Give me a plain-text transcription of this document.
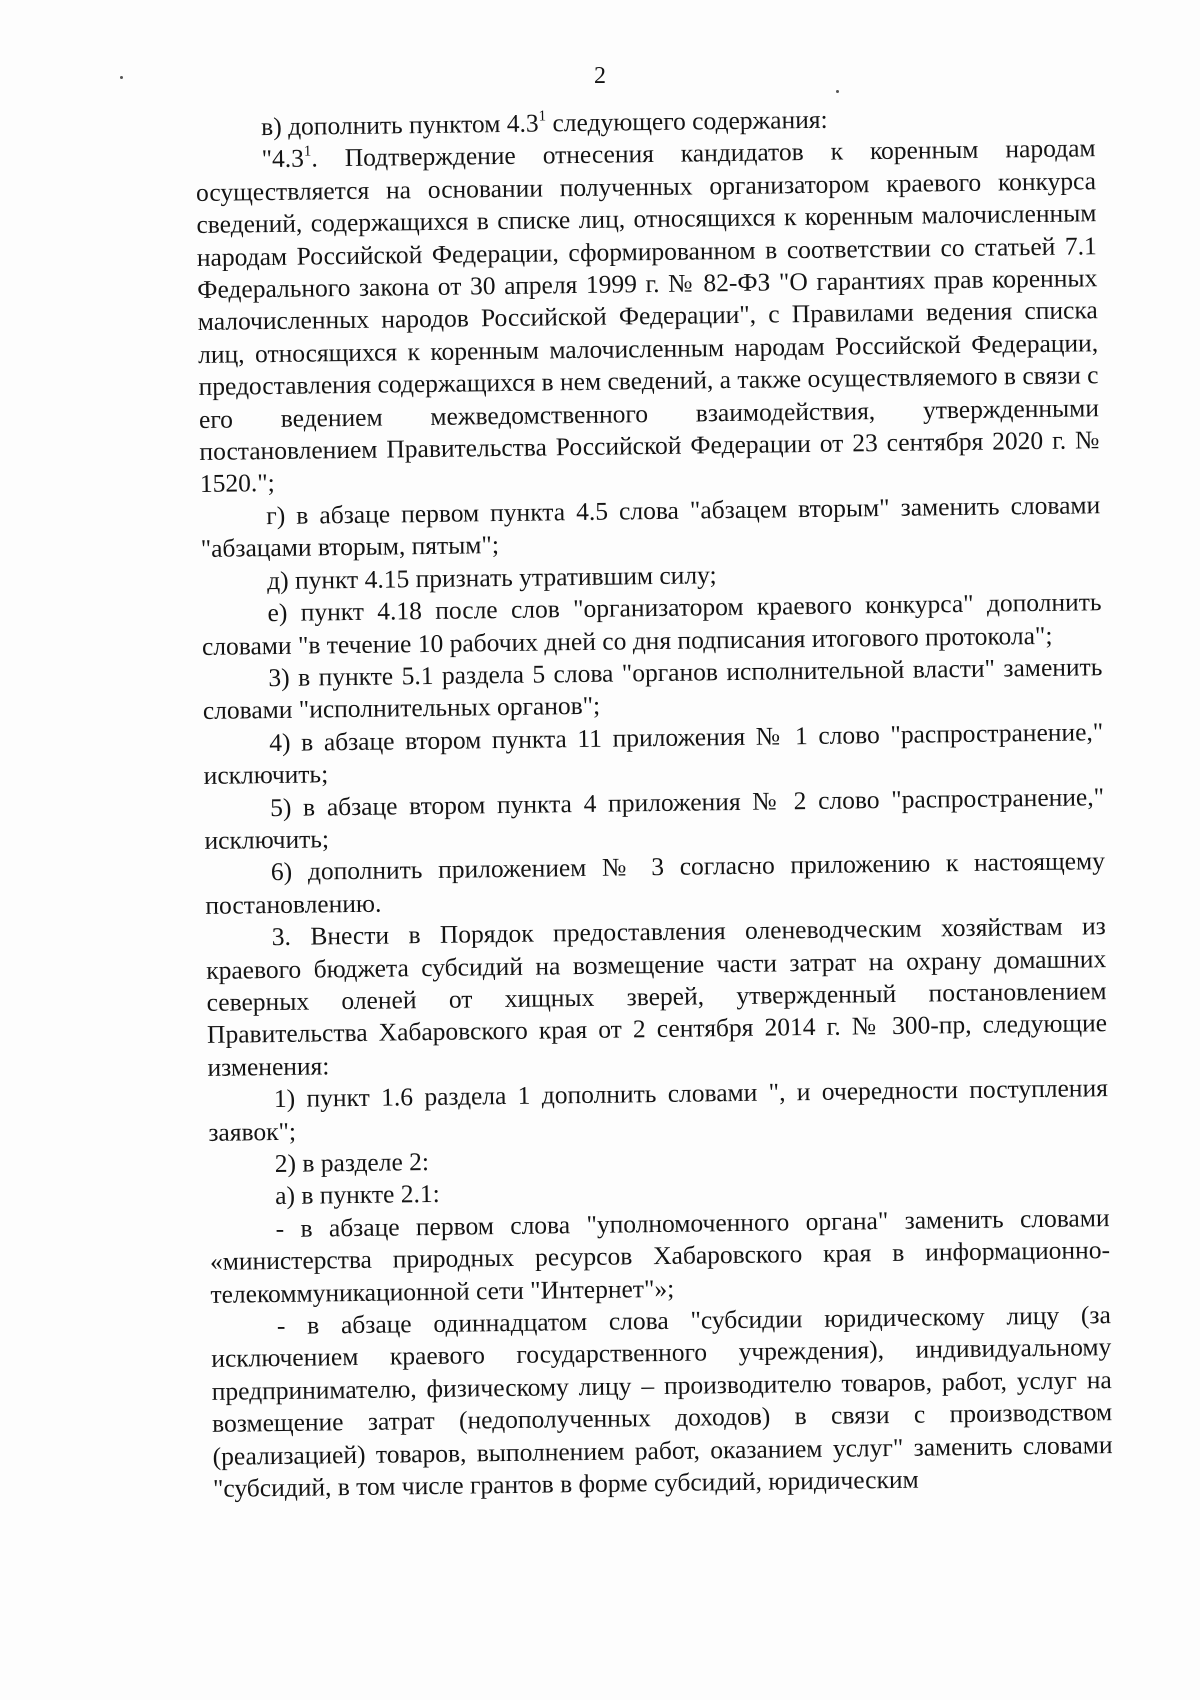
2

в) дополнить пунктом $4.3^1$ следующего содержания:

"$4.3^1$. Подтверждение отнесения кандидатов к коренным народам осуществляется на основании полученных организатором краевого конкурса сведений, содержащихся в списке лиц, относящихся к коренным малочисленным народам Российской Федерации, сформированном в соответствии со статьей 7.1 Федерального закона от 30 апреля 1999 г. № 82-ФЗ "О гарантиях прав коренных малочисленных народов Российской Федерации", с Правилами ведения списка лиц, относящихся к коренным малочисленным народам Российской Федерации, предоставления содержащихся в нем сведений, а также осуществляемого в связи с его ведением межведомственного взаимодействия, утвержденными постановлением Правительства Российской Федерации от 23 сентября 2020 г. № 1520.";

г) в абзаце первом пункта 4.5 слова "абзацем вторым" заменить словами "абзацами вторым, пятым";

д) пункт 4.15 признать утратившим силу;

е) пункт 4.18 после слов "организатором краевого конкурса" дополнить словами "в течение 10 рабочих дней со дня подписания итогового протокола";

3) в пункте 5.1 раздела 5 слова "органов исполнительной власти" заменить словами "исполнительных органов";

4) в абзаце втором пункта 11 приложения № 1 слово "распространение," исключить;

5) в абзаце втором пункта 4 приложения № 2 слово "распространение," исключить;

6) дополнить приложением № 3 согласно приложению к настоящему постановлению.

3. Внести в Порядок предоставления оленеводческим хозяйствам из краевого бюджета субсидий на возмещение части затрат на охрану домашних северных оленей от хищных зверей, утвержденный постановлением Правительства Хабаровского края от 2 сентября 2014 г. № 300-пр, следующие изменения:

1) пункт 1.6 раздела 1 дополнить словами ", и очередности поступления заявок";

2) в разделе 2:

а) в пункте 2.1:

- в абзаце первом слова "уполномоченного органа" заменить словами «министерства природных ресурсов Хабаровского края в информационно-телекоммуникационной сети "Интернет"»;

- в абзаце одиннадцатом слова "субсидии юридическому лицу (за исключением краевого государственного учреждения), индивидуальному предпринимателю, физическому лицу – производителю товаров, работ, услуг на возмещение затрат (недополученных доходов) в связи с производством (реализацией) товаров, выполнением работ, оказанием услуг" заменить словами "субсидий, в том числе грантов в форме субсидий, юридическим
